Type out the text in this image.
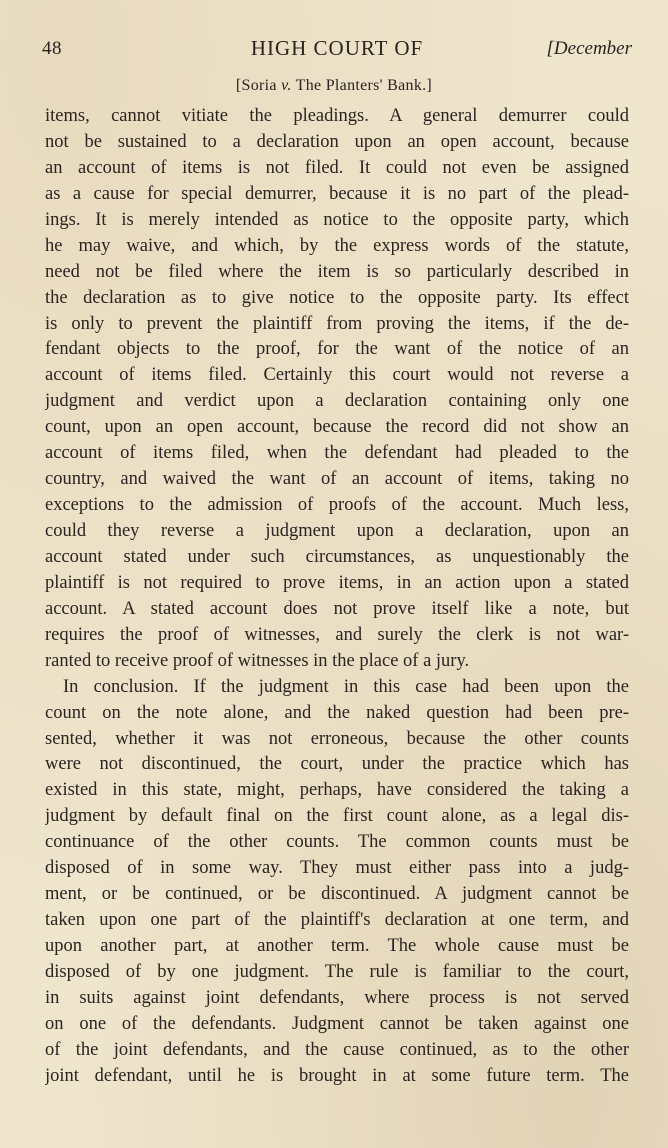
48	HIGH COURT OF	[December
[Soria v. The Planters' Bank.]
items, cannot vitiate the pleadings. A general demurrer could
not be sustained to a declaration upon an open account, because
an account of items is not filed. It could not even be assigned
as a cause for special demurrer, because it is no part of the plead-
ings. It is merely intended as notice to the opposite party, which
he may waive, and which, by the express words of the statute,
need not be filed where the item is so particularly described in
the declaration as to give notice to the opposite party. Its effect
is only to prevent the plaintiff from proving the items, if the de-
fendant objects to the proof, for the want of the notice of an
account of items filed. Certainly this court would not reverse a
judgment and verdict upon a declaration containing only one
count, upon an open account, because the record did not show an
account of items filed, when the defendant had pleaded to the
country, and waived the want of an account of items, taking no
exceptions to the admission of proofs of the account. Much less,
could they reverse a judgment upon a declaration, upon an
account stated under such circumstances, as unquestionably the
plaintiff is not required to prove items, in an action upon a stated
account. A stated account does not prove itself like a note, but
requires the proof of witnesses, and surely the clerk is not war-
ranted to receive proof of witnesses in the place of a jury.
In conclusion. If the judgment in this case had been upon the
count on the note alone, and the naked question had been pre-
sented, whether it was not erroneous, because the other counts
were not discontinued, the court, under the practice which has
existed in this state, might, perhaps, have considered the taking a
judgment by default final on the first count alone, as a legal dis-
continuance of the other counts. The common counts must be
disposed of in some way. They must either pass into a judg-
ment, or be continued, or be discontinued. A judgment cannot be
taken upon one part of the plaintiff's declaration at one term, and
upon another part, at another term. The whole cause must be
disposed of by one judgment. The rule is familiar to the court,
in suits against joint defendants, where process is not served
on one of the defendants. Judgment cannot be taken against one
of the joint defendants, and the cause continued, as to the other
joint defendant, until he is brought in at some future term. The
